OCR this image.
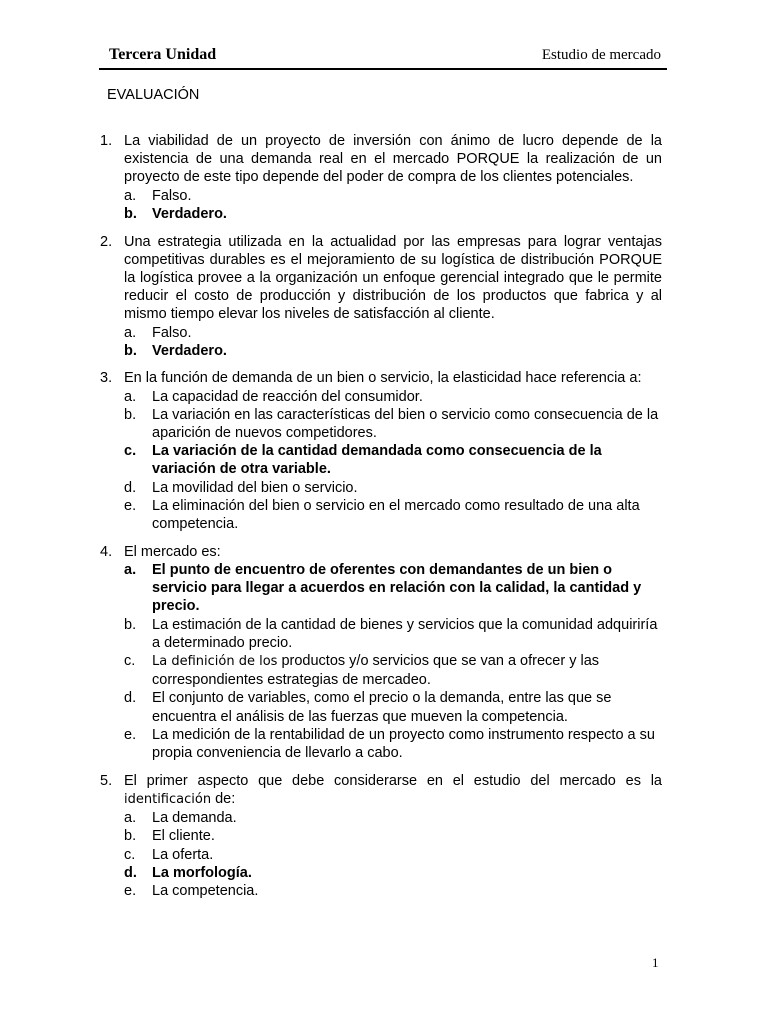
Tercera Unidad	Estudio de mercado
EVALUACIÓN
1. La viabilidad de un proyecto de inversión con ánimo de lucro depende de la existencia de una demanda real en el mercado PORQUE la realización de un proyecto de este tipo depende del poder de compra de los clientes potenciales.
a.	Falso.
b.	Verdadero.
2. Una estrategia utilizada en la actualidad por las empresas para lograr ventajas competitivas durables es el mejoramiento de su logística de distribución PORQUE la logística provee a la organización un enfoque gerencial integrado que le permite reducir el costo de producción y distribución de los productos que fabrica y al mismo tiempo elevar los niveles de satisfacción al cliente.
a.	Falso.
b.	Verdadero.
3. En la función de demanda de un bien o servicio, la elasticidad hace referencia a:
a.	La capacidad de reacción del consumidor.
b.	La variación en las características del bien o servicio como consecuencia de la aparición de nuevos competidores.
c.	La variación de la cantidad demandada como consecuencia de la variación de otra variable.
d.	La movilidad del bien o servicio.
e.	La eliminación del bien o servicio en el mercado como resultado de una alta competencia.
4. El mercado es:
a.	El punto de encuentro de oferentes con demandantes de un bien o servicio para llegar a acuerdos en relación con la calidad, la cantidad y precio.
b.	La estimación de la cantidad de bienes y servicios que la comunidad adquiriría a determinado precio.
c.	La definición de los productos y/o servicios que se van a ofrecer y las correspondientes estrategias de mercadeo.
d.	El conjunto de variables, como el precio o la demanda, entre las que se encuentra el análisis de las fuerzas que mueven la competencia.
e.	La medición de la rentabilidad de un proyecto como instrumento respecto a su propia conveniencia de llevarlo a cabo.
5. El primer aspecto que debe considerarse en el estudio del mercado es la
identificación de:
a.	La demanda.
b.	El cliente.
c.	La oferta.
d.	La morfología.
e.	La competencia.
1
